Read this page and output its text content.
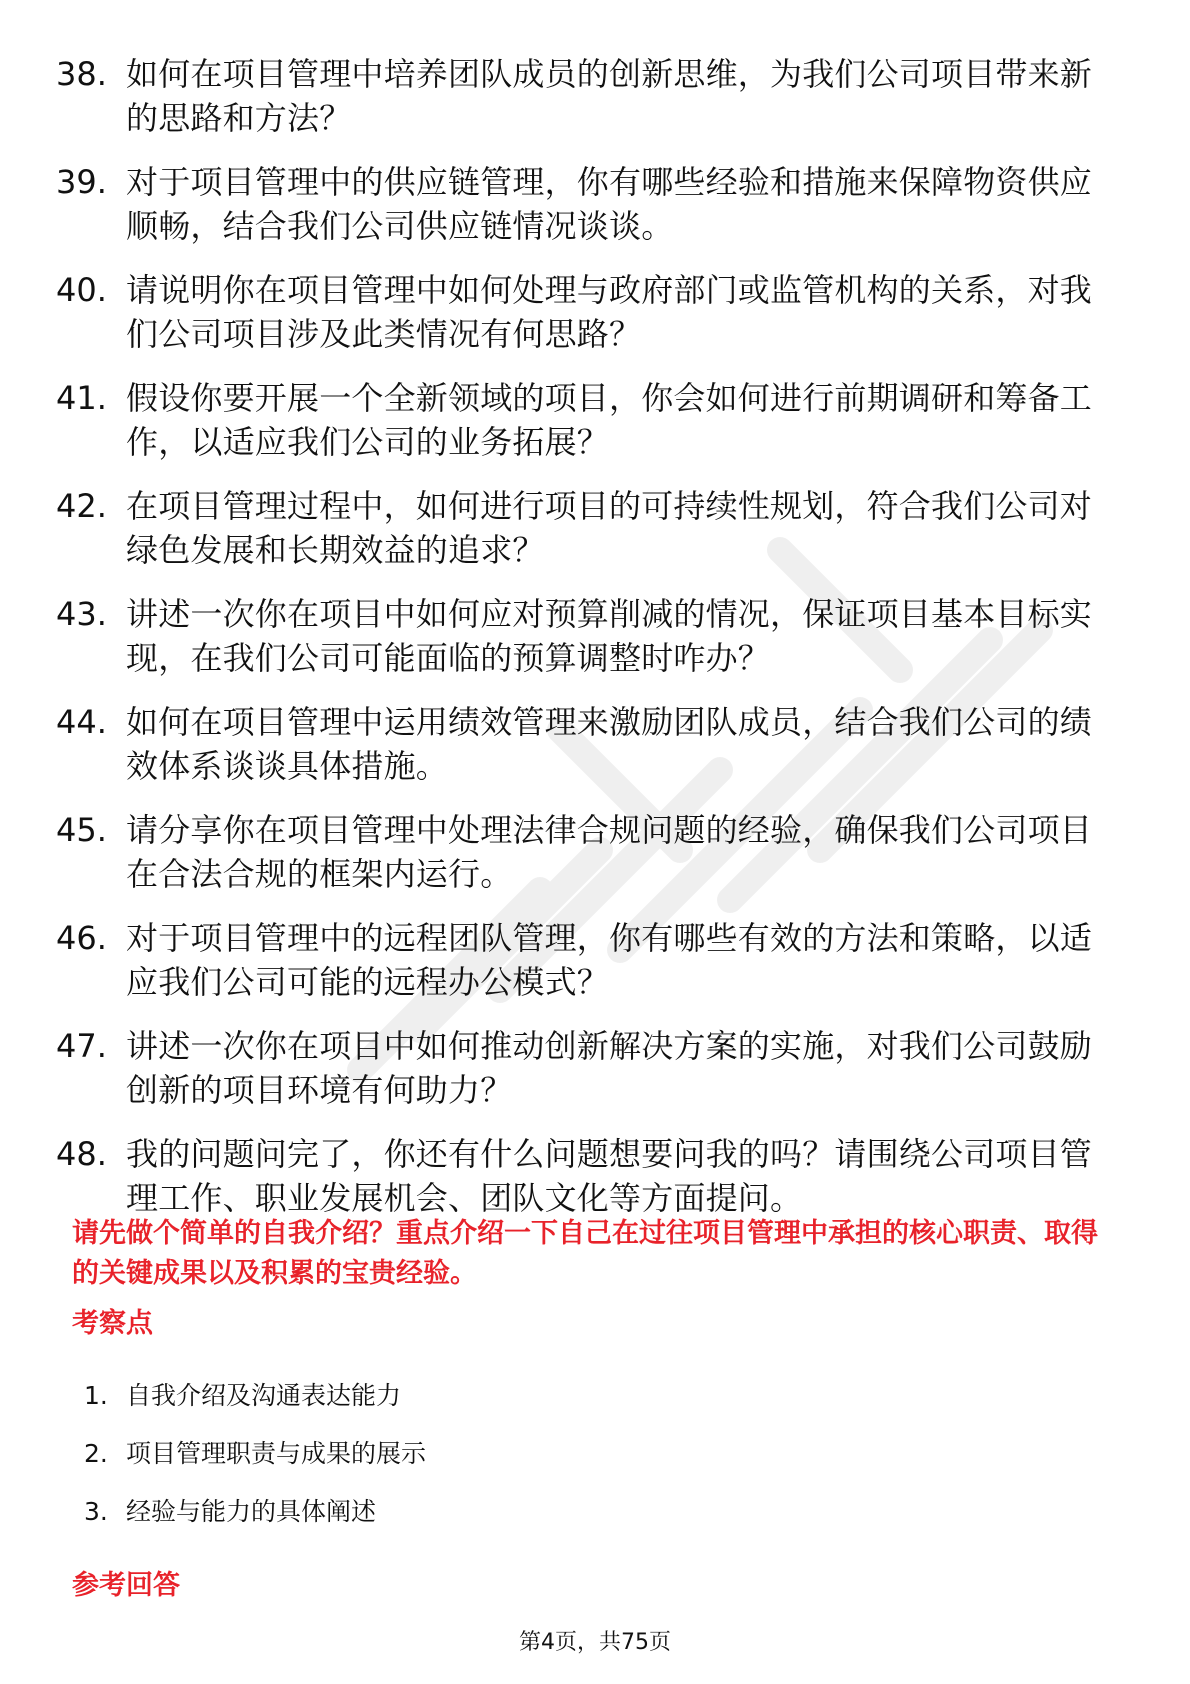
38. 如何在项目管理中培养团队成员的创新思维，为我们公司项目带来新的思路和方法？
39. 对于项目管理中的供应链管理，你有哪些经验和措施来保障物资供应顺畅，结合我们公司供应链情况谈谈。
40. 请说明你在项目管理中如何处理与政府部门或监管机构的关系，对我们公司项目涉及此类情况有何思路？
41. 假设你要开展一个全新领域的项目，你会如何进行前期调研和筹备工作，以适应我们公司的业务拓展？
42. 在项目管理过程中，如何进行项目的可持续性规划，符合我们公司对绿色发展和长期效益的追求？
43. 讲述一次你在项目中如何应对预算削减的情况，保证项目基本目标实现，在我们公司可能面临的预算调整时咋办？
44. 如何在项目管理中运用绩效管理来激励团队成员，结合我们公司的绩效体系谈谈具体措施。
45. 请分享你在项目管理中处理法律合规问题的经验，确保我们公司项目在合法合规的框架内运行。
46. 对于项目管理中的远程团队管理，你有哪些有效的方法和策略，以适应我们公司可能的远程办公模式？
47. 讲述一次你在项目中如何推动创新解决方案的实施，对我们公司鼓励创新的项目环境有何助力？
48. 我的问题问完了，你还有什么问题想要问我的吗？请围绕公司项目管理工作、职业发展机会、团队文化等方面提问。

请先做个简单的自我介绍？重点介绍一下自己在过往项目管理中承担的核心职责、取得的关键成果以及积累的宝贵经验。

考察点
1. 自我介绍及沟通表达能力
2. 项目管理职责与成果的展示
3. 经验与能力的具体阐述
参考回答
第4页，共75页
